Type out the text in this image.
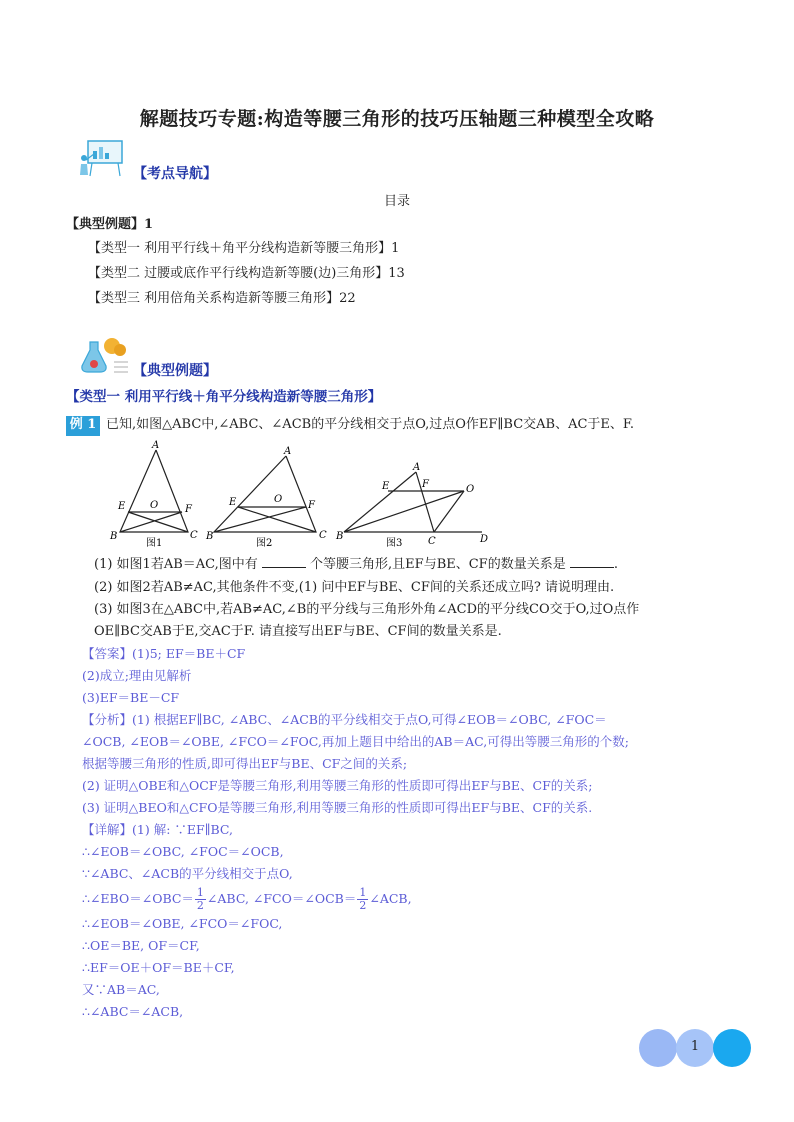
解题技巧专题:构造等腰三角形的技巧压轴题三种模型全攻略
【考点导航】
目录
【典型例题】1
【类型一 利用平行线＋角平分线构造新等腰三角形】1
【类型二 过腰或底作平行线构造新等腰(边)三角形】13
【类型三 利用倍角关系构造新等腰三角形】22
【典型例题】
【类型一 利用平行线＋角平分线构造新等腰三角形】
例 1 已知,如图△ABC中,∠ABC、∠ACB的平分线相交于点O,过点O作EF∥BC交AB、AC于E、F.
A
E O	F
B	C
图1
A
E	O
F
B	C
图2
A
E	F	O
B	C	D
图3
(1) 如图1若AB＝AC,图中有	个等腰三角形,且EF与BE、CF的数量关系是	.
(2) 如图2若AB≠AC,其他条件不变,(1) 问中EF与BE、CF间的关系还成立吗? 请说明理由.
(3) 如图3在△ABC中,若AB≠AC,∠B的平分线与三角形外角∠ACD的平分线CO交于O,过O点作
OE∥BC交AB于E,交AC于F. 请直接写出EF与BE、CF间的数量关系是.
【答案】(1)5; EF＝BE＋CF
(2)成立;理由见解析
(3)EF＝BE－CF
【分析】(1) 根据EF∥BC, ∠ABC、∠ACB的平分线相交于点O,可得∠EOB＝∠OBC, ∠FOC＝
∠OCB, ∠EOB＝∠OBE, ∠FCO＝∠FOC,再加上题目中给出的AB＝AC,可得出等腰三角形的个数;
根据等腰三角形的性质,即可得出EF与BE、CF之间的关系;
(2) 证明△OBE和△OCF是等腰三角形,利用等腰三角形的性质即可得出EF与BE、CF的关系;
(3) 证明△BEO和△CFO是等腰三角形,利用等腰三角形的性质即可得出EF与BE、CF的关系.
【详解】(1) 解: ∵EF∥BC,
∴∠EOB＝∠OBC, ∠FOC＝∠OCB,
∵∠ABC、∠ACB的平分线相交于点O,
∴∠EBO＝∠OBC＝ $\frac{1}{2}$ ∠ABC, ∠FCO＝∠OCB＝ $\frac{1}{2}$ ∠ACB,
∴∠EOB＝∠OBE, ∠FCO＝∠FOC,
∴OE＝BE, OF＝CF,
∴EF＝OE＋OF＝BE＋CF,
又∵AB＝AC,
∴∠ABC＝∠ACB,
1
